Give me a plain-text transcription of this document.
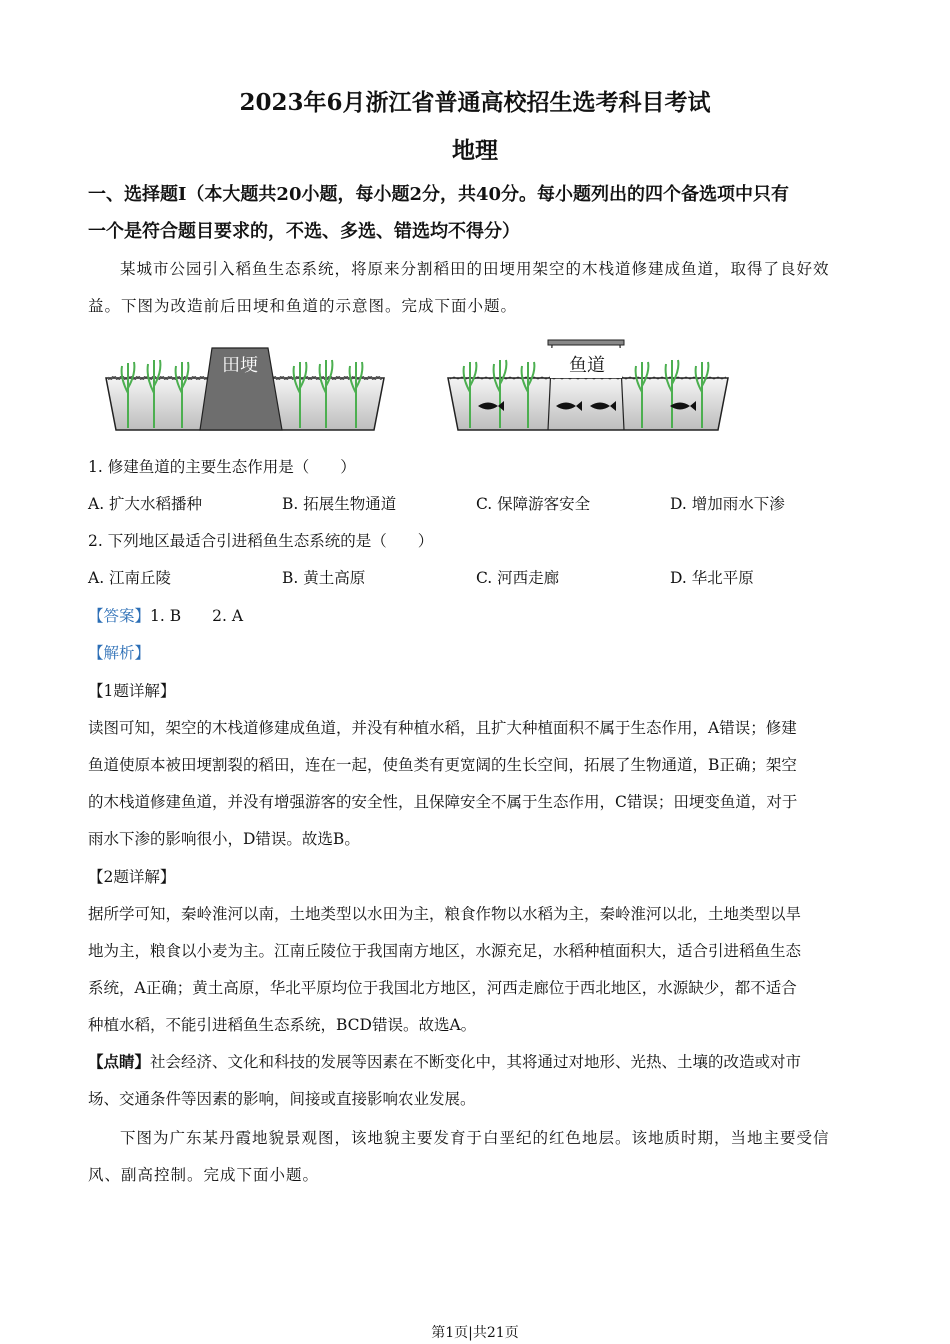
2023年6月浙江省普通高校招生选考科目考试
地理
一、选择题Ⅰ（本大题共20小题，每小题2分，共40分。每小题列出的四个备选项中只有
一个是符合题目要求的，不选、多选、错选均不得分）
某城市公园引入稻鱼生态系统，将原来分割稻田的田埂用架空的木栈道修建成鱼道，取得了良好效
益。下图为改造前后田埂和鱼道的示意图。完成下面小题。
田埂	鱼道
1. 修建鱼道的主要生态作用是（　　）
A. 扩大水稻播种	B. 拓展生物通道	C. 保障游客安全	D. 增加雨水下渗
2. 下列地区最适合引进稻鱼生态系统的是（　　）
A. 江南丘陵	B. 黄土高原	C. 河西走廊	D. 华北平原
【答案】1. B　　2. A
【解析】
【1题详解】
读图可知，架空的木栈道修建成鱼道，并没有种植水稻，且扩大种植面积不属于生态作用，A错误；修建
鱼道使原本被田埂割裂的稻田，连在一起，使鱼类有更宽阔的生长空间，拓展了生物通道，B正确；架空
的木栈道修建鱼道，并没有增强游客的安全性，且保障安全不属于生态作用，C错误；田埂变鱼道，对于
雨水下渗的影响很小，D错误。故选B。
【2题详解】
据所学可知，秦岭淮河以南，土地类型以水田为主，粮食作物以水稻为主，秦岭淮河以北，土地类型以旱
地为主，粮食以小麦为主。江南丘陵位于我国南方地区，水源充足，水稻种植面积大，适合引进稻鱼生态
系统，A正确；黄土高原，华北平原均位于我国北方地区，河西走廊位于西北地区，水源缺少，都不适合
种植水稻，不能引进稻鱼生态系统，BCD错误。故选A。
【点睛】社会经济、文化和科技的发展等因素在不断变化中，其将通过对地形、光热、土壤的改造或对市
场、交通条件等因素的影响，间接或直接影响农业发展。
下图为广东某丹霞地貌景观图，该地貌主要发育于白垩纪的红色地层。该地质时期，当地主要受信
风、副高控制。完成下面小题。
第1页|共21页
